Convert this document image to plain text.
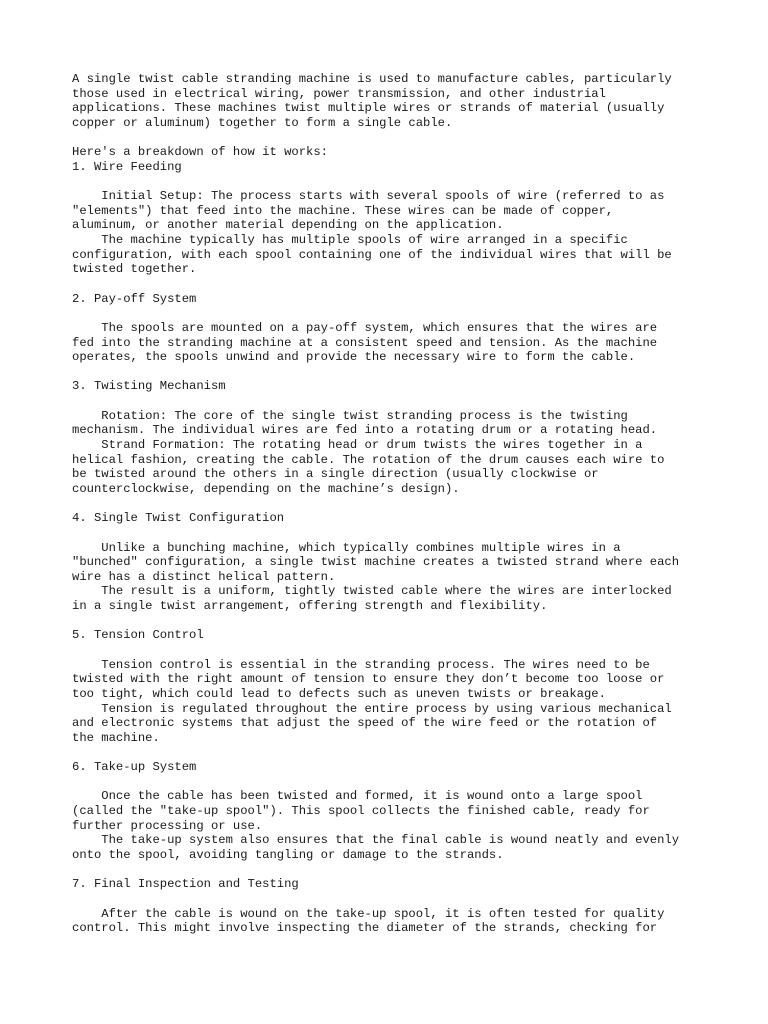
A single twist cable stranding machine is used to manufacture cables, particularly
those used in electrical wiring, power transmission, and other industrial
applications. These machines twist multiple wires or strands of material (usually
copper or aluminum) together to form a single cable.
Here's a breakdown of how it works:
1. Wire Feeding
Initial Setup: The process starts with several spools of wire (referred to as
"elements") that feed into the machine. These wires can be made of copper,
aluminum, or another material depending on the application.
The machine typically has multiple spools of wire arranged in a specific
configuration, with each spool containing one of the individual wires that will be
twisted together.
2. Pay-off System
The spools are mounted on a pay-off system, which ensures that the wires are
fed into the stranding machine at a consistent speed and tension. As the machine
operates, the spools unwind and provide the necessary wire to form the cable.
3. Twisting Mechanism
Rotation: The core of the single twist stranding process is the twisting
mechanism. The individual wires are fed into a rotating drum or a rotating head.
Strand Formation: The rotating head or drum twists the wires together in a
helical fashion, creating the cable. The rotation of the drum causes each wire to
be twisted around the others in a single direction (usually clockwise or
counterclockwise, depending on the machine’s design).
4. Single Twist Configuration
Unlike a bunching machine, which typically combines multiple wires in a
"bunched" configuration, a single twist machine creates a twisted strand where each
wire has a distinct helical pattern.
The result is a uniform, tightly twisted cable where the wires are interlocked
in a single twist arrangement, offering strength and flexibility.
5. Tension Control
Tension control is essential in the stranding process. The wires need to be
twisted with the right amount of tension to ensure they don’t become too loose or
too tight, which could lead to defects such as uneven twists or breakage.
Tension is regulated throughout the entire process by using various mechanical
and electronic systems that adjust the speed of the wire feed or the rotation of
the machine.
6. Take-up System
Once the cable has been twisted and formed, it is wound onto a large spool
(called the "take-up spool"). This spool collects the finished cable, ready for
further processing or use.
The take-up system also ensures that the final cable is wound neatly and evenly
onto the spool, avoiding tangling or damage to the strands.
7. Final Inspection and Testing
After the cable is wound on the take-up spool, it is often tested for quality
control. This might involve inspecting the diameter of the strands, checking for
